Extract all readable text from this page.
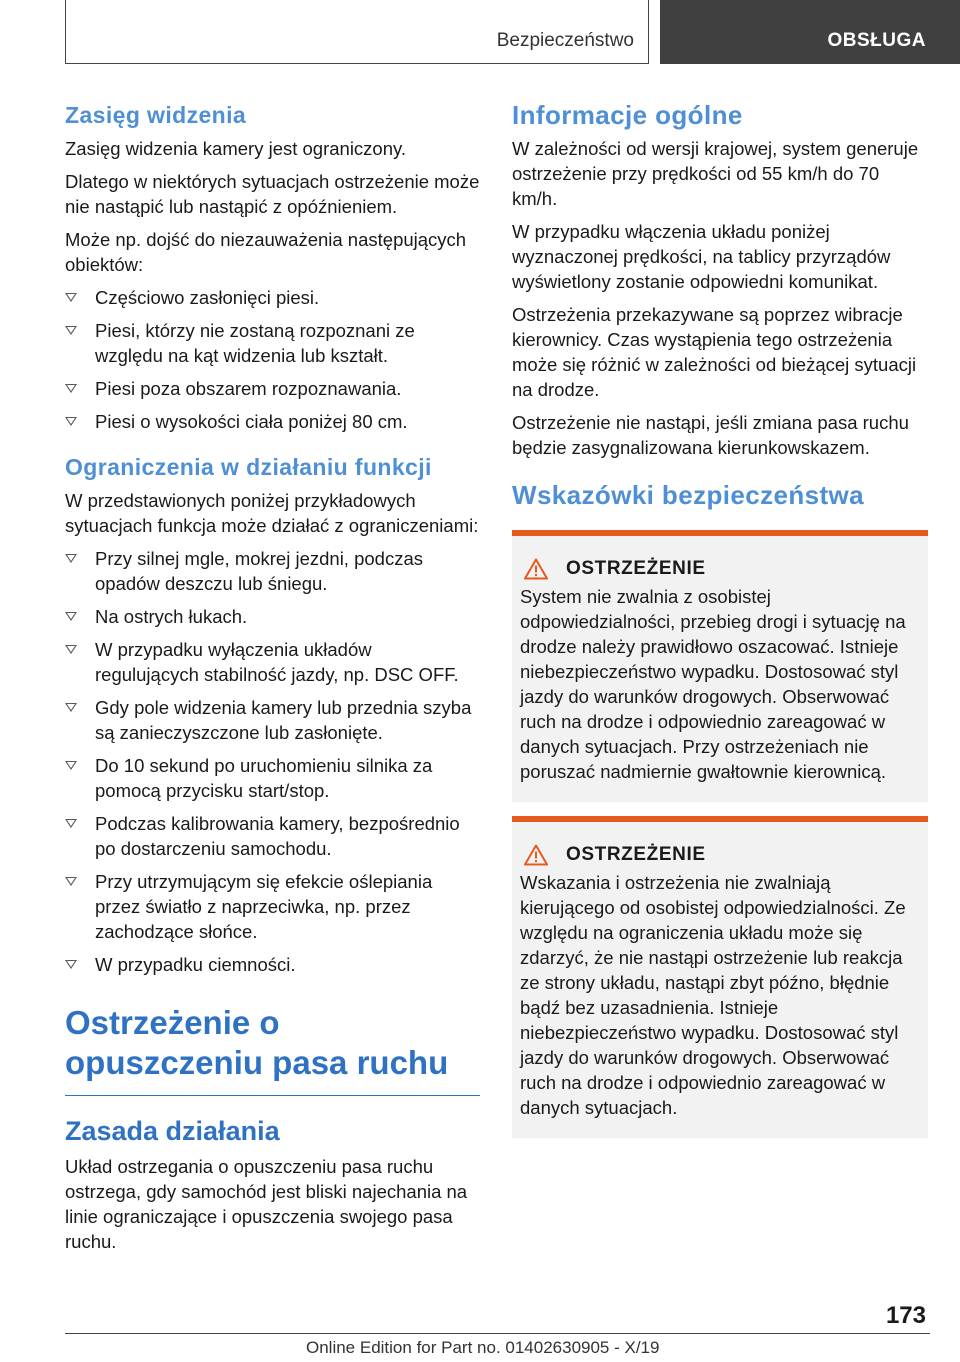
Bezpieczeństwo	OBSŁUGA
Zasięg widzenia

Zasięg widzenia kamery jest ograniczony.

Dlatego w niektórych sytuacjach ostrzeżenie może nie nastąpić lub nastąpić z opóźnieniem.

Może np. dojść do niezauważenia następujących obiektów:

Częściowo zasłonięci piesi.
Piesi, którzy nie zostaną rozpoznani ze względu na kąt widzenia lub kształt.
Piesi poza obszarem rozpoznawania.
Piesi o wysokości ciała poniżej 80 cm.
Ograniczenia w działaniu funkcji

W przedstawionych poniżej przykładowych sytuacjach funkcja może działać z ograniczeniami:

Przy silnej mgle, mokrej jezdni, podczas opadów deszczu lub śniegu.
Na ostrych łukach.
W przypadku wyłączenia układów regulujących stabilność jazdy, np. DSC OFF.
Gdy pole widzenia kamery lub przednia szyba są zanieczyszczone lub zasłonięte.
Do 10 sekund po uruchomieniu silnika za pomocą przycisku start/stop.
Podczas kalibrowania kamery, bezpośrednio po dostarczeniu samochodu.
Przy utrzymującym się efekcie oślepiania przez światło z naprzeciwka, np. przez zachodzące słońce.
W przypadku ciemności.
Ostrzeżenie o opuszczeniu pasa ruchu
Zasada działania

Układ ostrzegania o opuszczeniu pasa ruchu ostrzega, gdy samochód jest bliski najechania na linie ograniczające i opuszczenia swojego pasa ruchu.

Informacje ogólne

W zależności od wersji krajowej, system generuje ostrzeżenie przy prędkości od 55 km/h do 70 km/h.

W przypadku włączenia układu poniżej wyznaczonej prędkości, na tablicy przyrządów wyświetlony zostanie odpowiedni komunikat.

Ostrzeżenia przekazywane są poprzez wibracje kierownicy. Czas wystąpienia tego ostrzeżenia może się różnić w zależności od bieżącej sytuacji na drodze.

Ostrzeżenie nie nastąpi, jeśli zmiana pasa ruchu będzie zasygnalizowana kierunkowskazem.

Wskazówki bezpieczeństwa
OSTRZEŻENIE

System nie zwalnia z osobistej odpowiedzialności, przebieg drogi i sytuację na drodze należy prawidłowo oszacować. Istnieje niebezpieczeństwo wypadku. Dostosować styl jazdy do warunków drogowych. Obserwować ruch na drodze i odpowiednio zareagować w danych sytuacjach. Przy ostrzeżeniach nie poruszać nadmiernie gwałtownie kierownicą.

OSTRZEŻENIE

Wskazania i ostrzeżenia nie zwalniają kierującego od osobistej odpowiedzialności. Ze względu na ograniczenia układu może się zdarzyć, że nie nastąpi ostrzeżenie lub reakcja ze strony układu, nastąpi zbyt późno, błędnie bądź bez uzasadnienia. Istnieje niebezpieczeństwo wypadku. Dostosować styl jazdy do warunków drogowych. Obserwować ruch na drodze i odpowiednio zareagować w danych sytuacjach.

173
Online Edition for Part no. 01402630905 - X/19
